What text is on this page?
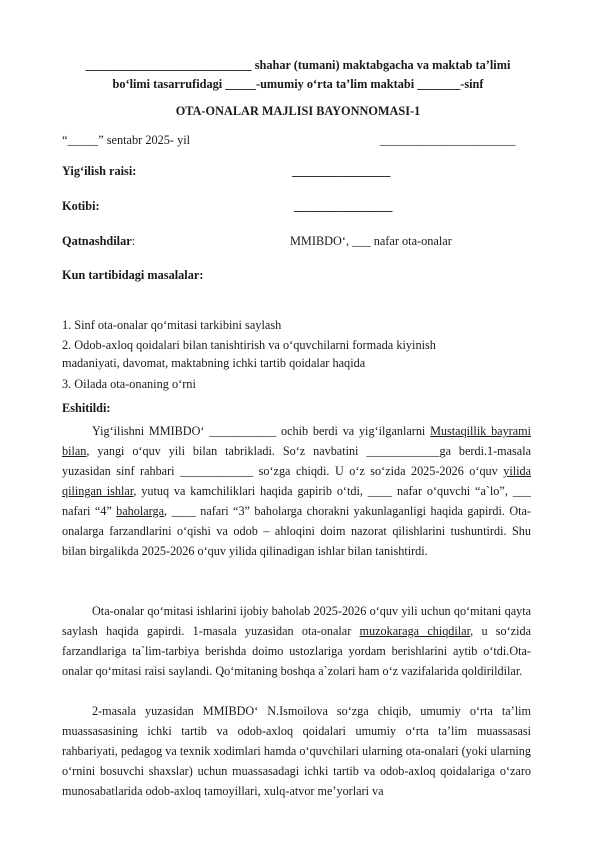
___________________________ shahar (tumani) maktabgacha va maktab ta’limi
bo‘limi tasarrufidagi _____-umumiy o‘rta ta’lim maktabi _______-sinf
OTA-ONALAR MAJLISI BAYONNOMASI-1
“_____” sentabr 2025- yil	______________________
Yig‘ilish raisi:	________________
Kotibi:	________________
Qatnashdilar:	MMIBDO‘, ___ nafar ota-onalar
Kun tartibidagi masalalar:
1. Sinf ota-onalar qo‘mitasi tarkibini saylash
2. Odob-axloq qoidalari bilan tanishtirish va o‘quvchilarni formada kiyinish
madaniyati, davomat, maktabning ichki tartib qoidalar haqida
3. Oilada ota-onaning o‘rni
Eshitildi:
Yig‘ilishni MMIBDO‘ ___________ ochib berdi va yig‘ilganlarni Mustaqillik bayrami bilan, yangi o‘quv yili bilan tabrikladi. So‘z navbatini ____________ga berdi.1-masala yuzasidan sinf rahbari ____________ so‘zga chiqdi. U o‘z so‘zida 2025-2026 o‘quv yilida qilingan ishlar, yutuq va kamchiliklari haqida gapirib o‘tdi, ____ nafar o‘quvchi “a`lo”, ___ nafari “4” baholarga, ____ nafari “3” baholarga chorakni yakunlaganligi haqida gapirdi. Ota-onalarga farzandlarini o‘qishi va odob – ahloqini doim nazorat qilishlarini tushuntirdi. Shu bilan birgalikda 2025-2026 o‘quv yilida qilinadigan ishlar bilan tanishtirdi.
Ota-onalar qo‘mitasi ishlarini ijobiy baholab 2025-2026 o‘quv yili uchun qo‘mitani qayta saylash haqida gapirdi. 1-masala yuzasidan ota-onalar muzokaraga chiqdilar, u so‘zida farzandlariga ta`lim-tarbiya berishda doimo ustozlariga yordam berishlarini aytib o‘tdi.Ota-onalar qo‘mitasi raisi saylandi. Qo‘mitaning boshqa a`zolari ham o‘z vazifalarida qoldirildilar.
2-masala yuzasidan MMIBDO‘ N.Ismoilova so‘zga chiqib, umumiy o‘rta ta’lim muassasasining ichki tartib va odob-axloq qoidalari umumiy o‘rta ta’lim muassasasi rahbariyati, pedagog va texnik xodimlari hamda o‘quvchilari ularning ota-onalari (yoki ularning o‘rnini bosuvchi shaxslar) uchun muassasadagi ichki tartib va odob-axloq qoidalariga o‘zaro munosabatlarida odob-axloq tamoyillari, xulq-atvor me’yorlari va
